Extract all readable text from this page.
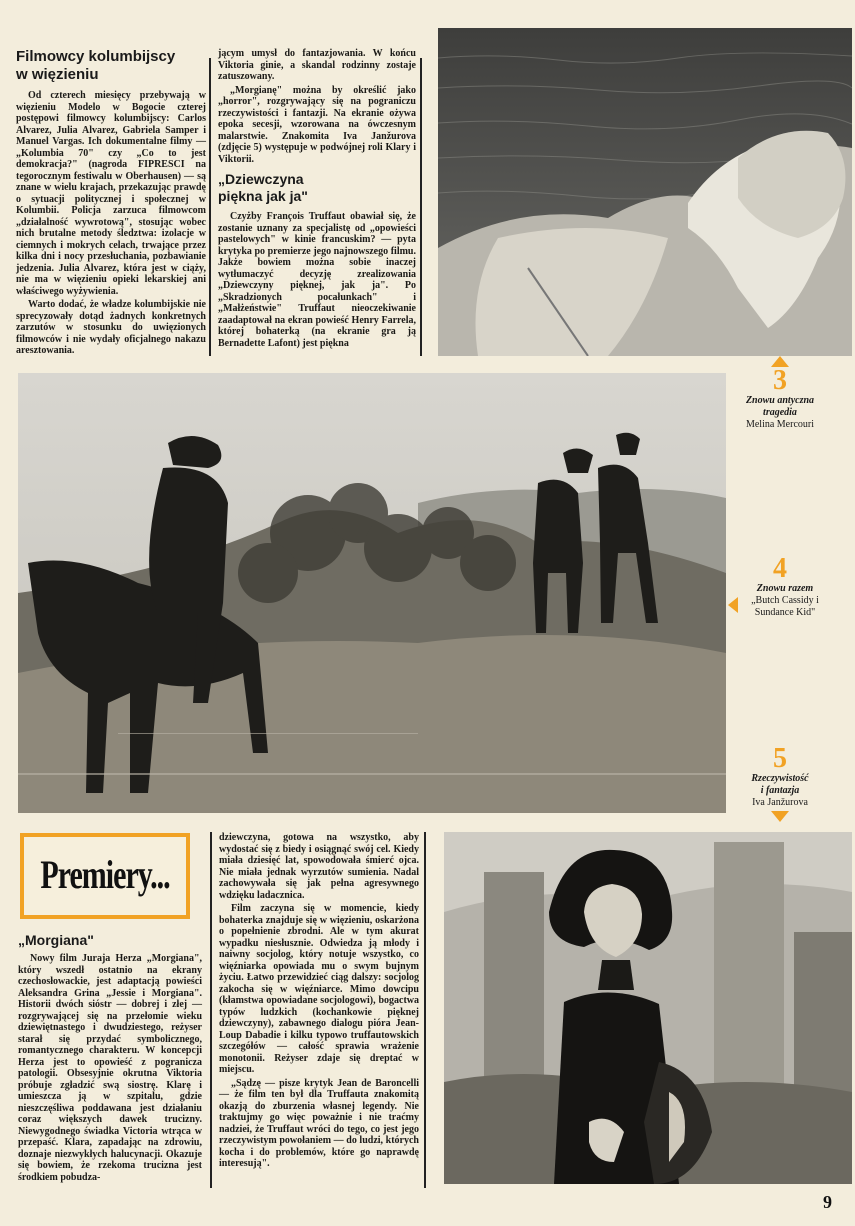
Filmowcy kolumbijscy
w więzieniu

Od czterech miesięcy przebywają w więzieniu Modelo w Bogocie czterej postępowi filmowcy kolumbijscy: Carlos Alvarez, Julia Alvarez, Gabriela Samper i Manuel Vargas. Ich dokumentalne filmy — „Kolumbia 70" czy „Co to jest demokracja?" (nagroda FIPRESCI na tegorocznym festiwalu w Oberhausen) — są znane w wielu krajach, przekazując prawdę o sytuacji politycznej i społecznej w Kolumbii. Policja zarzuca filmowcom „działalność wywrotową", stosując wobec nich brutalne metody śledztwa: izolacje w ciemnych i mokrych celach, trwające przez kilka dni i nocy przesłuchania, pozbawianie jedzenia. Julia Alvarez, która jest w ciąży, nie ma w więzieniu opieki lekarskiej ani właściwego wyżywienia.

Warto dodać, że władze kolumbijskie nie sprecyzowały dotąd żadnych konkretnych zarzutów w stosunku do uwięzionych filmowców i nie wydały oficjalnego nakazu aresztowania.

jącym umysł do fantazjowania. W końcu Viktoria ginie, a skandal rodzinny zostaje zatuszowany.

„Morgianę" można by określić jako „horror", rozgrywający się na pograniczu rzeczywistości i fantazji. Na ekranie ożywa epoka secesji, wzorowana na ówczesnym malarstwie. Znakomita Iva Janžurova (zdjęcie 5) występuje w podwójnej roli Klary i Viktorii.

„Dziewczyna
piękna jak ja"

Czyżby François Truffaut obawiał się, że zostanie uznany za specjalistę od „opowieści pastelowych" w kinie francuskim? — pyta krytyka po premierze jego najnowszego filmu. Jakże bowiem można sobie inaczej wytłumaczyć decyzję zrealizowania „Dziewczyny pięknej, jak ja". Po „Skradzionych pocałunkach" i „Małżeństwie" Truffaut nieoczekiwanie zaadaptował na ekran powieść Henry Farrela, której bohaterką (na ekranie gra ją Bernadette Lafont) jest piękna

3
Znowu antyczna
tragedia
Melina Mercouri
4
Znowu razem
„Butch Cassidy i
Sundance Kid"
5
Rzeczywistość
i fantazja
Iva Janžurova
Premiery...
„Morgiana"

Nowy film Juraja Herza „Morgiana", który wszedł ostatnio na ekrany czechosłowackie, jest adaptacją powieści Aleksandra Grina „Jessie i Morgiana". Historii dwóch sióstr — dobrej i złej — rozgrywającej się na przełomie wieku dziewiętnastego i dwudziestego, reżyser starał się przydać symbolicznego, romantycznego charakteru. W koncepcji Herza jest to opowieść z pogranicza patologii. Obsesyjnie okrutna Viktoria próbuje zgładzić swą siostrę. Klarę i umieszcza ją w szpitalu, gdzie nieszczęśliwa poddawana jest działaniu coraz większych dawek trucizny. Niewygodnego świadka Victoria wtrąca w przepaść. Klara, zapadając na zdrowiu, doznaje niezwykłych halucynacji. Okazuje się bowiem, że rzekoma trucizna jest środkiem pobudza-

dziewczyna, gotowa na wszystko, aby wydostać się z biedy i osiągnąć swój cel. Kiedy miała dziesięć lat, spowodowała śmierć ojca. Nie miała jednak wyrzutów sumienia. Nadal zachowywała się jak pełna agresywnego wdzięku ladacznica.

Film zaczyna się w momencie, kiedy bohaterka znajduje się w więzieniu, oskarżona o popełnienie zbrodni. Ale w tym akurat wypadku niesłusznie. Odwiedza ją młody i naiwny socjolog, który notuje wszystko, co więźniarka opowiada mu o swym bujnym życiu. Łatwo przewidzieć ciąg dalszy: socjolog zakocha się w więźniarce. Mimo dowcipu (kłamstwa opowiadane socjologowi), bogactwa typów ludzkich (kochankowie pięknej dziewczyny), zabawnego dialogu pióra Jean-Loup Dabadie i kilku typowo truffautowskich szczegółów — całość sprawia wrażenie monotonii. Reżyser zdaje się dreptać w miejscu.

„Sądzę — pisze krytyk Jean de Baroncelli — że film ten był dla Truffauta znakomitą okazją do zburzenia własnej legendy. Nie traktujmy go więc poważnie i nie traćmy nadziei, że Truffaut wróci do tego, co jest jego rzeczywistym powołaniem — do ludzi, których kocha i do problemów, które go naprawdę interesują".

9
